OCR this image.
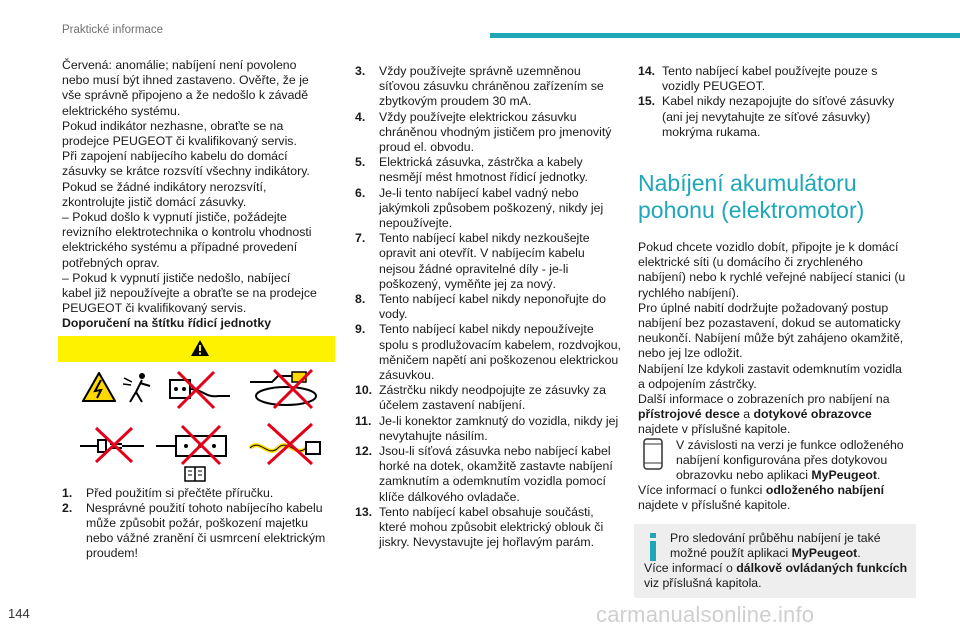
Praktické informace

Červená: anomálie; nabíjení není povoleno

nebo musí být ihned zastaveno. Ověřte, že je

vše správně připojeno a že nedošlo k závadě

elektrického systému.

Pokud indikátor nezhasne, obraťte se na

prodejce PEUGEOT či kvalifikovaný servis.

Při zapojení nabíjecího kabelu do domácí

zásuvky se krátce rozsvítí všechny indikátory.

Pokud se žádné indikátory nerozsvítí,

zkontrolujte jistič domácí zásuvky.

– Pokud došlo k vypnutí jističe, požádejte

revizního elektrotechnika o kontrolu vhodnosti

elektrického systému a případné provedení

potřebných oprav.

– Pokud k vypnutí jističe nedošlo, nabíjecí

kabel již nepoužívejte a obraťte se na prodejce

PEUGEOT či kvalifikovaný servis.

Doporučení na štítku řídicí jednotky

1.	Před použitím si přečtěte příručku.
2.	Nesprávné použití tohoto nabíjecího kabelu může způsobit požár, poškození majetku nebo vážné zranění či usmrcení elektrickým proudem!
3.	Vždy používejte správně uzemněnou síťovou zásuvku chráněnou zařízením se zbytkovým proudem 30 mA.
4.	Vždy používejte elektrickou zásuvku chráněnou vhodným jističem pro jmenovitý proud el. obvodu.
5.	Elektrická zásuvka, zástrčka a kabely nesmějí mést hmotnost řídicí jednotky.
6.	Je-li tento nabíjecí kabel vadný nebo jakýmkoli způsobem poškozený, nikdy jej nepoužívejte.
7.	Tento nabíjecí kabel nikdy nezkoušejte opravit ani otevřít. V nabíjecím kabelu nejsou žádné opravitelné díly - je-li poškozený, vyměňte jej za nový.
8.	Tento nabíjecí kabel nikdy neponořujte do vody.
9.	Tento nabíjecí kabel nikdy nepoužívejte spolu s prodlužovacím kabelem, rozdvojkou, měničem napětí ani poškozenou elektrickou zásuvkou.
10. Zástrčku nikdy neodpojujte ze zásuvky za účelem zastavení nabíjení.
11. Je-li konektor zamknutý do vozidla, nikdy jej nevytahujte násilím.
12. Jsou-li síťová zásuvka nebo nabíjecí kabel horké na dotek, okamžitě zastavte nabíjení zamknutím a odemknutím vozidla pomocí klíče dálkového ovladače.
13. Tento nabíjecí kabel obsahuje součásti, které mohou způsobit elektrický oblouk či jiskry. Nevystavujte jej hořlavým parám.
14. Tento nabíjecí kabel používejte pouze s vozidly PEUGEOT.
15. Kabel nikdy nezapojujte do síťové zásuvky (ani jej nevytahujte ze síťové zásuvky) mokrýma rukama.
Nabíjení akumulátoru pohonu (elektromotor)

Pokud chcete vozidlo dobít, připojte je k domácí elektrické síti (u domácího či zrychleného nabíjení) nebo k rychlé veřejné nabíjecí stanici (u rychlého nabíjení).

Pro úplné nabití dodržujte požadovaný postup nabíjení bez pozastavení, dokud se automaticky neukončí. Nabíjení může být zahájeno okamžitě, nebo jej lze odložit.

Nabíjení lze kdykoli zastavit odemknutím vozidla a odpojením zástrčky.

Další informace o zobrazeních pro nabíjení na přístrojové desce a dotykové obrazovce najdete v příslušné kapitole.

V závislosti na verzi je funkce odloženého nabíjení konfigurována přes dotykovou obrazovku nebo aplikaci MyPeugeot.

Více informací o funkci odloženého nabíjení najdete v příslušné kapitole.

Pro sledování průběhu nabíjení je také možné použít aplikaci MyPeugeot.

Více informací o dálkově ovládaných funkcích viz příslušná kapitola.

144	carmanualsonline.info
